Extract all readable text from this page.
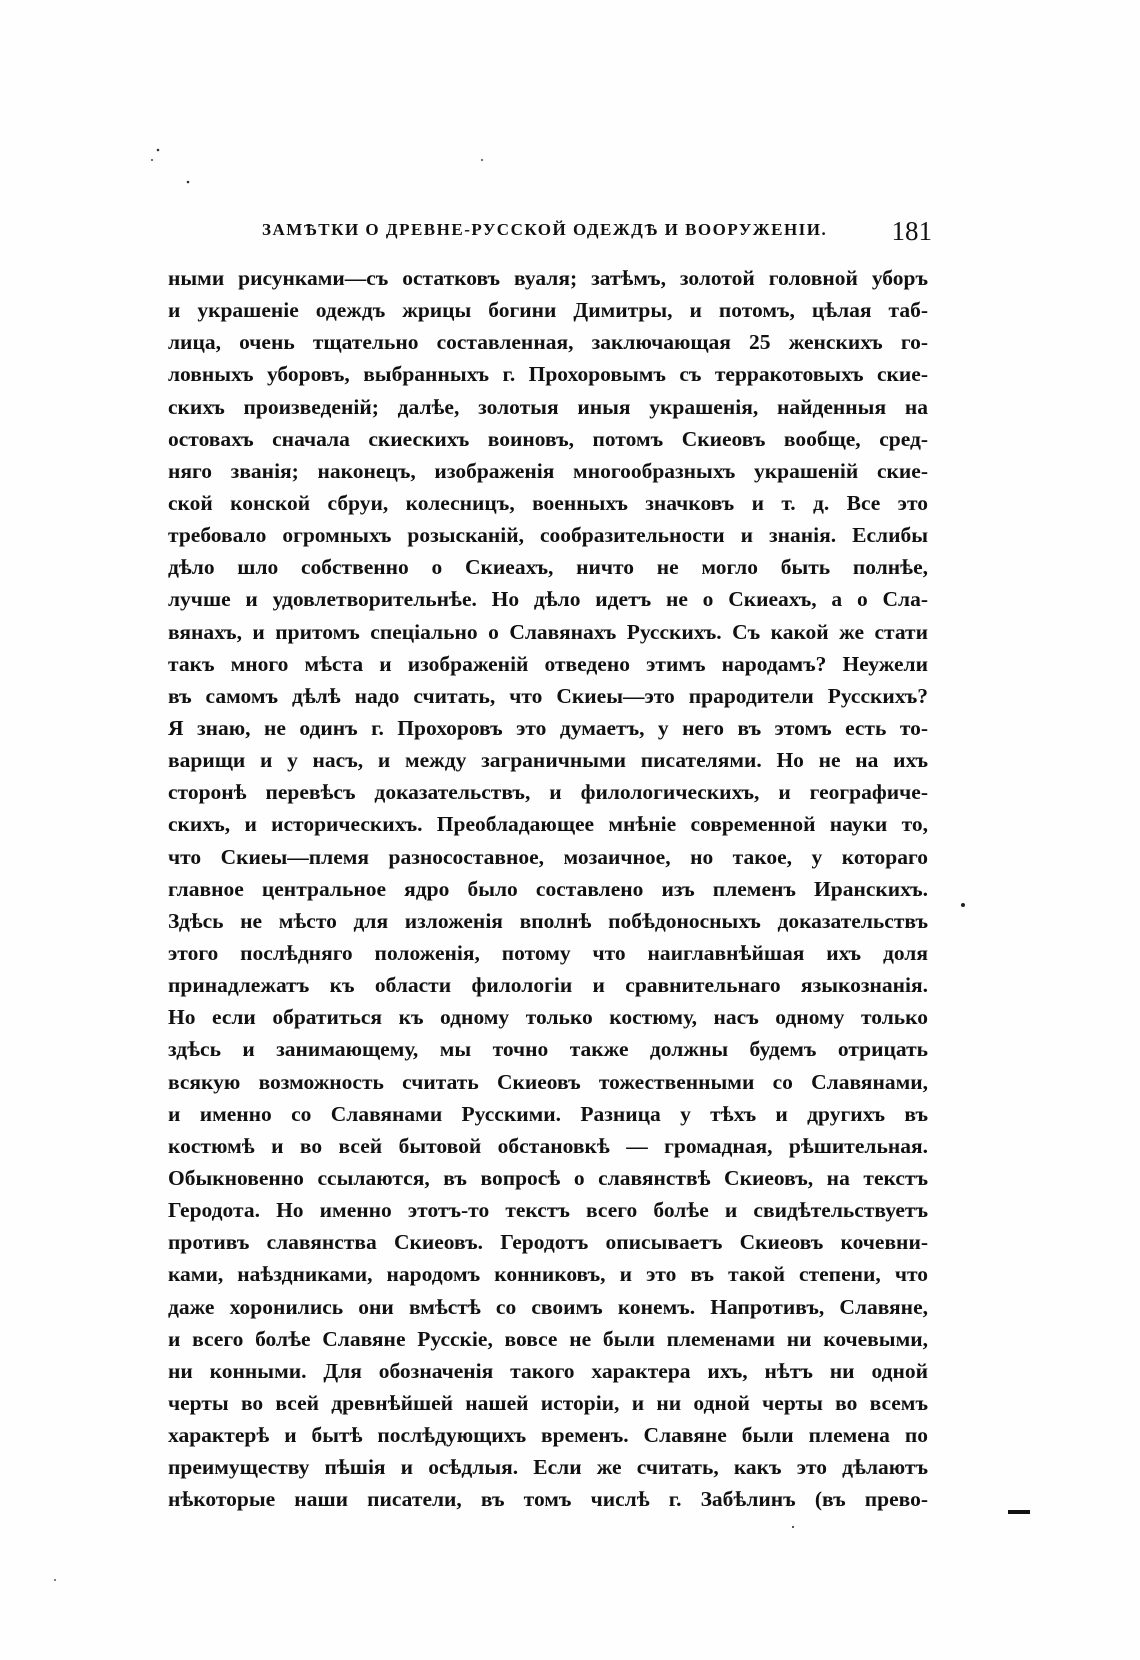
ЗАМѢТКИ О ДРЕВНЕ-РУССКОЙ ОДЕЖДѢ И ВООРУЖЕНІИ. 181
ными рисунками—съ остатковъ вуаля; затѣмъ, золотой головной уборъ
и украшеніе одеждъ жрицы богини Димитры, и потомъ, цѣлая таб-
лица, очень тщательно составленная, заключающая 25 женскихъ го-
ловныхъ уборовъ, выбранныхъ г. Прохоровымъ съ терракотовыхъ ские-
скихъ произведеній; далѣе, золотыя иныя украшенія, найденныя на
остовахъ сначала скиескихъ воиновъ, потомъ Скиеовъ вообще, сред-
няго званія; наконецъ, изображенія многообразныхъ украшеній ские-
ской конской сбруи, колесницъ, военныхъ значковъ и т. д. Все это
требовало огромныхъ розысканій, сообразительности и знанія. Еслибы
дѣло шло собственно о Скиеахъ, ничто не могло быть полнѣе,
лучше и удовлетворительнѣе. Но дѣло идетъ не о Скиеахъ, а о Сла-
вянахъ, и притомъ спеціально о Славянахъ Русскихъ. Съ какой же стати
такъ много мѣста и изображеній отведено этимъ народамъ? Неужели
въ самомъ дѣлѣ надо считать, что Скиеы—это прародители Русскихъ?
Я знаю, не одинъ г. Прохоровъ это думаетъ, у него въ этомъ есть то-
варищи и у насъ, и между заграничными писателями. Но не на ихъ
сторонѣ перевѣсъ доказательствъ, и филологическихъ, и географиче-
скихъ, и историческихъ. Преобладающее мнѣніе современной науки то,
что Скиеы—племя разносоставное, мозаичное, но такое, у котораго
главное центральное ядро было составлено изъ племенъ Иранскихъ.
Здѣсь не мѣсто для изложенія вполнѣ побѣдоносныхъ доказательствъ
этого послѣдняго положенія, потому что наиглавнѣйшая ихъ доля
принадлежатъ къ области филологіи и сравнительнаго языкознанія.
Но если обратиться къ одному только костюму, насъ одному только
здѣсь и занимающему, мы точно также должны будемъ отрицать
всякую возможность считать Скиеовъ тожественными со Славянами,
и именно со Славянами Русскими. Разница у тѣхъ и другихъ въ
костюмѣ и во всей бытовой обстановкѣ — громадная, рѣшительная.
Обыкновенно ссылаются, въ вопросѣ о славянствѣ Скиеовъ, на текстъ
Геродота. Но именно этотъ-то текстъ всего болѣе и свидѣтельствуетъ
противъ славянства Скиеовъ. Геродотъ описываетъ Скиеовъ кочевни-
ками, наѣздниками, народомъ конниковъ, и это въ такой степени, что
даже хоронились они вмѣстѣ со своимъ конемъ. Напротивъ, Славяне,
и всего болѣе Славяне Русскіе, вовсе не были племенами ни кочевыми,
ни конными. Для обозначенія такого характера ихъ, нѣтъ ни одной
черты во всей древнѣйшей нашей исторіи, и ни одной черты во всемъ
характерѣ и бытѣ послѣдующихъ временъ. Славяне были племена по
преимуществу пѣшія и осѣдлыя. Если же считать, какъ это дѣлаютъ
нѣкоторые наши писатели, въ томъ числѣ г. Забѣлинъ (въ прево-
